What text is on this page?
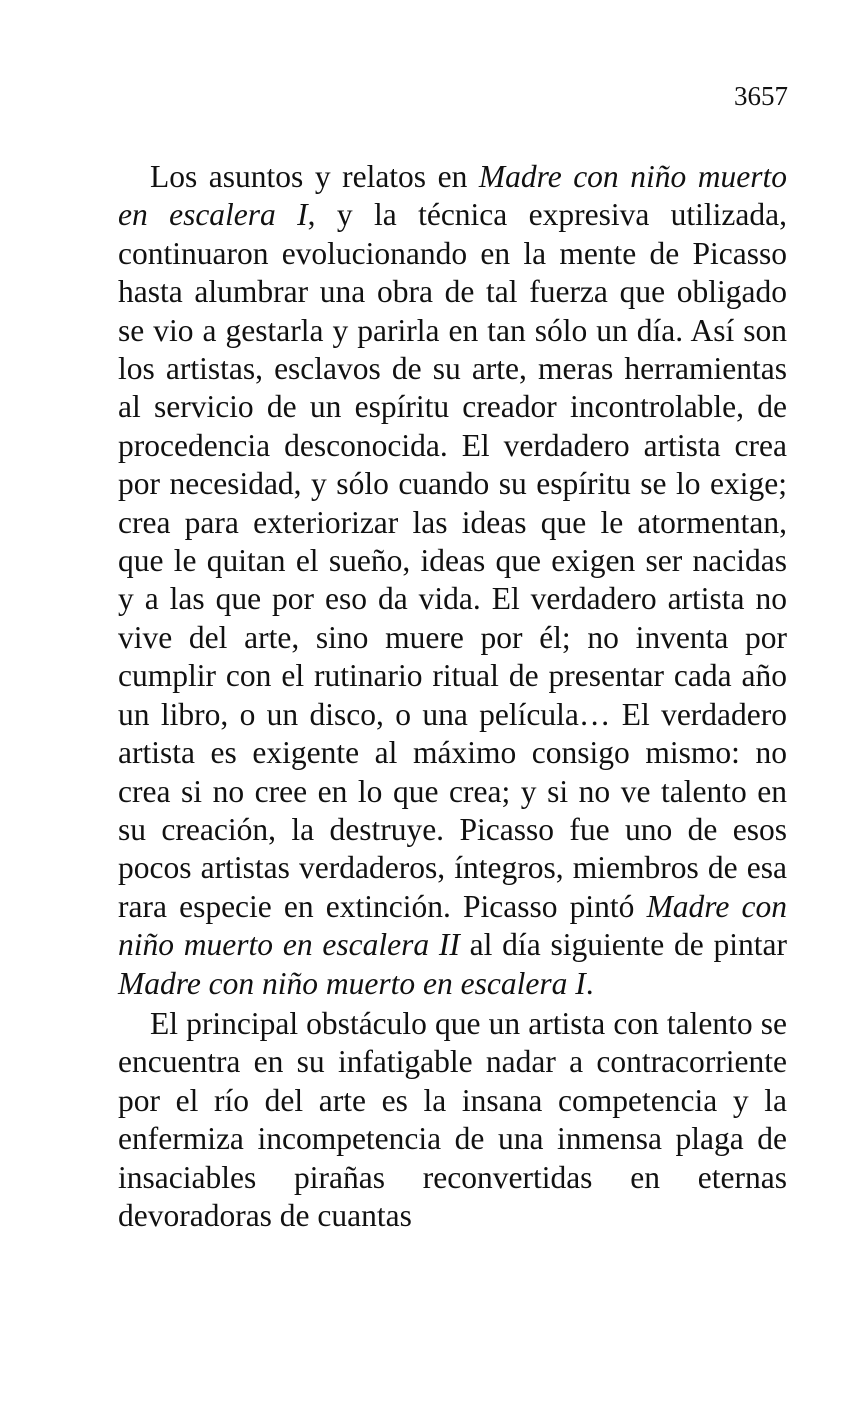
3657

Los asuntos y relatos en Madre con niño muerto en escalera I, y la técnica expresiva utilizada, continuaron evolucionando en la mente de Picasso hasta alumbrar una obra de tal fuerza que obligado se vio a gestarla y parirla en tan sólo un día. Así son los artistas, esclavos de su arte, meras herramientas al servicio de un espíritu creador incontrolable, de procedencia desconocida. El verdadero artista crea por necesidad, y sólo cuando su espíritu se lo exige; crea para exteriorizar las ideas que le atormentan, que le quitan el sueño, ideas que exigen ser nacidas y a las que por eso da vida. El verdadero artista no vive del arte, sino muere por él; no inventa por cumplir con el rutinario ritual de presentar cada año un libro, o un disco, o una película… El verdadero artista es exigente al máximo consigo mismo: no crea si no cree en lo que crea; y si no ve talento en su creación, la destruye. Picasso fue uno de esos pocos artistas verdaderos, íntegros, miembros de esa rara especie en extinción. Picasso pintó Madre con niño muerto en escalera II al día siguiente de pintar Madre con niño muerto en escalera I.

El principal obstáculo que un artista con talento se encuentra en su infatigable nadar a contracorriente por el río del arte es la insana competencia y la enfermiza incompetencia de una inmensa plaga de insaciables pirañas reconvertidas en eternas devoradoras de cuantas
